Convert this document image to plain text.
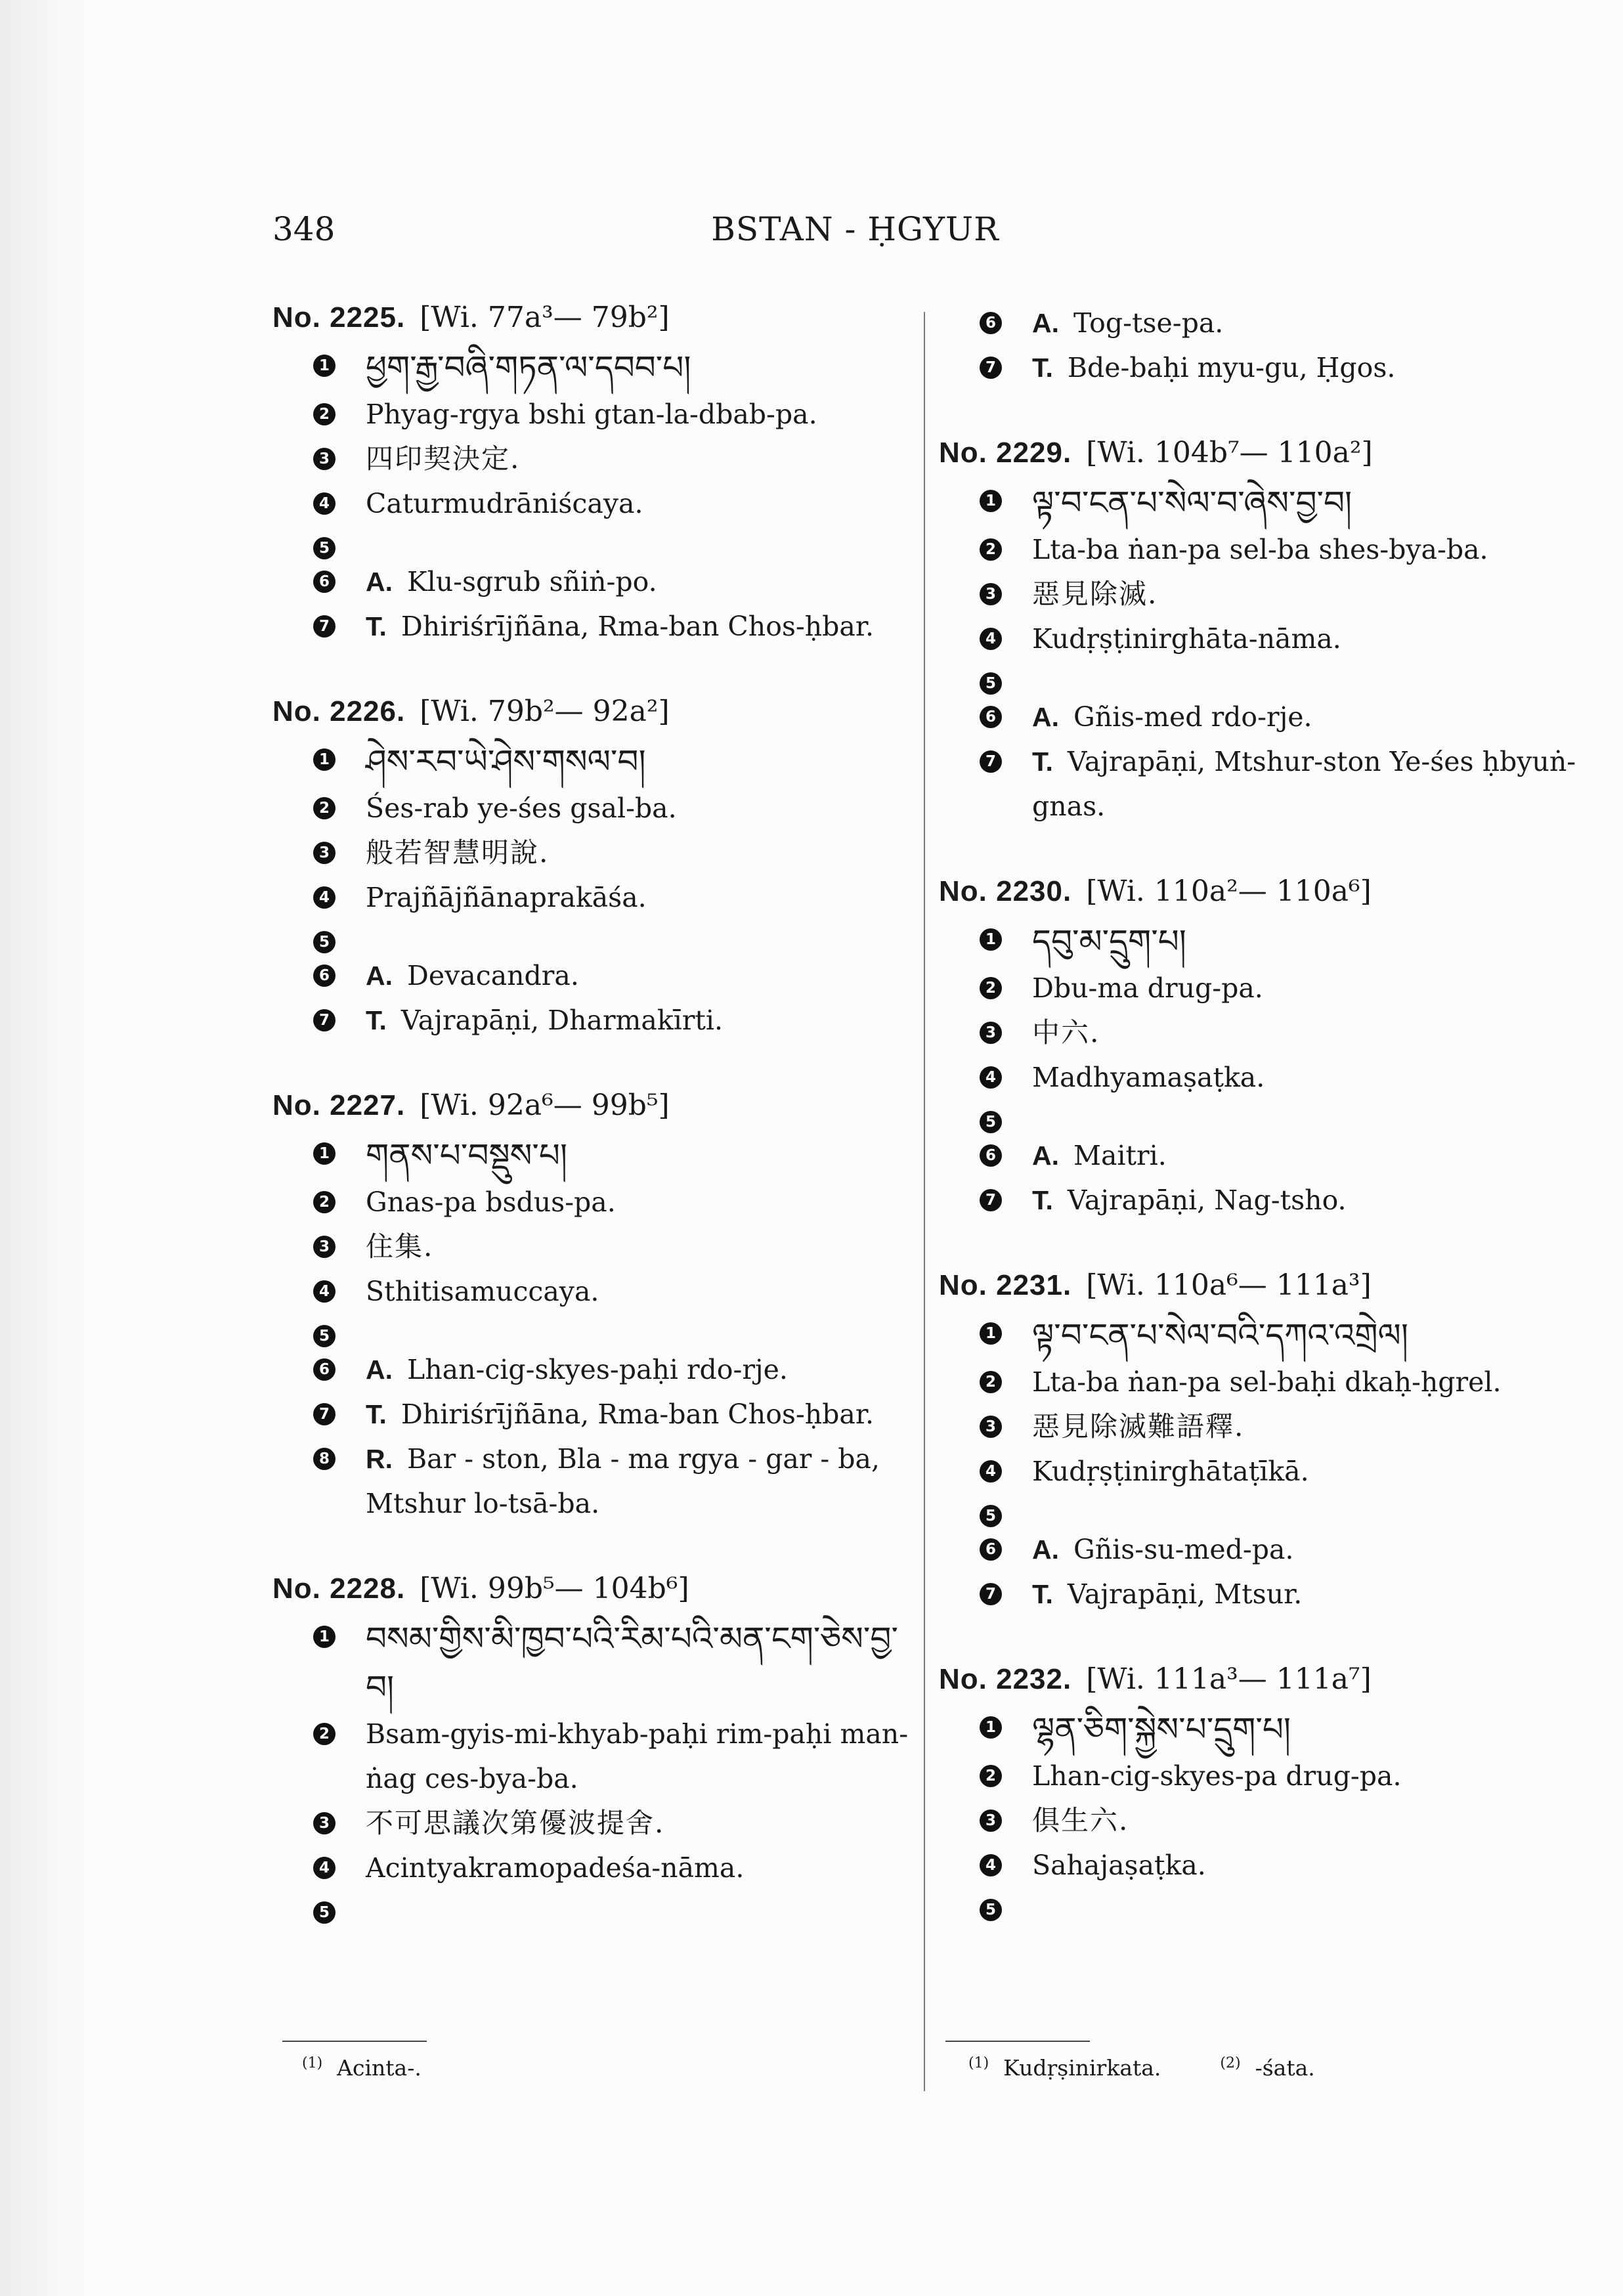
348	BSTAN - ḤGYUR
No. 2225. [Wi. 77a³— 79b²]
1 ཕྱག་རྒྱ་བཞི་གཏན་ལ་དབབ་པ།
2 Phyag-rgya bshi gtan-la-dbab-pa.
3 四印契決定.
4 Caturmudrāniścaya.
5
6 A. Klu-sgrub sñiṅ-po.
7 T. Dhiriśrījñāna, Rma-ban Chos-ḥbar.
No. 2226. [Wi. 79b²— 92a²]
1 ཤེས་རབ་ཡེ་ཤེས་གསལ་བ།
2 Śes-rab ye-śes gsal-ba.
3 般若智慧明說.
4 Prajñājñānaprakāśa.
5
6 A. Devacandra.
7 T. Vajrapāṇi, Dharmakīrti.
No. 2227. [Wi. 92a⁶— 99b⁵]
1 གནས་པ་བསྡུས་པ།
2 Gnas-pa bsdus-pa.
3 住集.
4 Sthitisamuccaya.
5
6 A. Lhan-cig-skyes-paḥi rdo-rje.
7 T. Dhiriśrījñāna, Rma-ban Chos-ḥbar.
8 R. Bar - ston, Bla - ma rgya - gar - ba, Mtshur lo-tsā-ba.
No. 2228. [Wi. 99b⁵— 104b⁶]
1 བསམ་གྱིས་མི་ཁྱབ་པའི་རིམ་པའི་མན་ངག་ཅེས་བྱ་བ།
2 Bsam-gyis-mi-khyab-paḥi rim-paḥi man-ṅag ces-bya-ba.
3 不可思議次第優波提舍.
4 Acintyakramopadeśa-nāma.
5
6 A. Tog-tse-pa.
7 T. Bde-baḥi myu-gu, Ḥgos.
No. 2229. [Wi. 104b⁷— 110a²]
1 ལྟ་བ་ངན་པ་སེལ་བ་ཞེས་བྱ་བ།
2 Lta-ba ṅan-pa sel-ba shes-bya-ba.
3 惡見除滅.
4 Kudṛṣṭinirghāta-nāma.
5
6 A. Gñis-med rdo-rje.
7 T. Vajrapāṇi, Mtshur-ston Ye-śes ḥbyuṅ-gnas.
No. 2230. [Wi. 110a²— 110a⁶]
1 དབུ་མ་དྲུག་པ།
2 Dbu-ma drug-pa.
3 中六.
4 Madhyamaṣaṭka.
5
6 A. Maitri.
7 T. Vajrapāṇi, Nag-tsho.
No. 2231. [Wi. 110a⁶— 111a³]
1 ལྟ་བ་ངན་པ་སེལ་བའི་དཀའ་འགྲེལ།
2 Lta-ba ṅan-pa sel-baḥi dkaḥ-ḥgrel.
3 惡見除滅難語釋.
4 Kudṛṣṭinirghātaṭīkā.
5
6 A. Gñis-su-med-pa.
7 T. Vajrapāṇi, Mtsur.
No. 2232. [Wi. 111a³— 111a⁷]
1 ལྷན་ཅིག་སྐྱེས་པ་དྲུག་པ།
2 Lhan-cig-skyes-pa drug-pa.
3 俱生六.
4 Sahajaṣaṭka.
5
$^{(1)}$ Acinta-.	$^{(1)}$ Kudṛṣinirkata.	$^{(2)}$ -śata.
